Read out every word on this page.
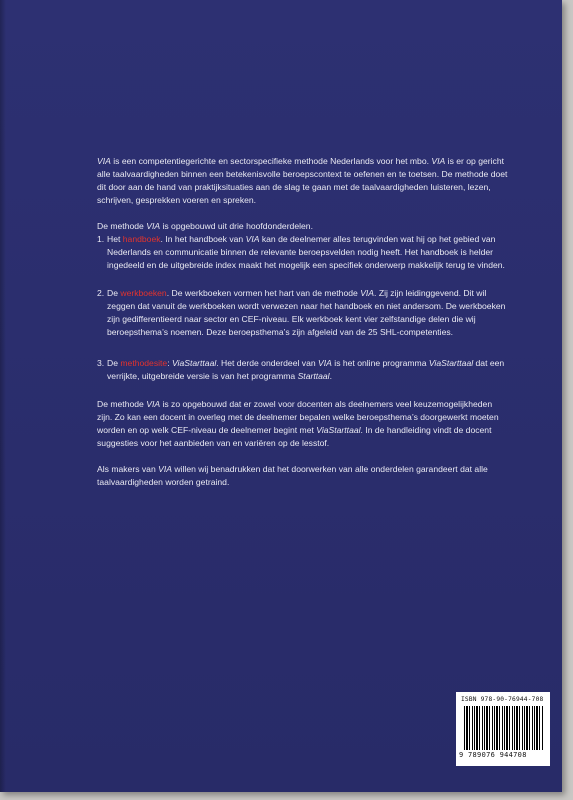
VIA is een competentiegerichte en sectorspecifieke methode Nederlands voor het mbo. VIA is er op gericht alle taalvaardigheden binnen een betekenisvolle beroepscontext te oefenen en te toetsen. De methode doet dit door aan de hand van praktijksituaties aan de slag te gaan met de taalvaardigheden luisteren, lezen, schrijven, gesprekken voeren en spreken.

De methode VIA is opgebouwd uit drie hoofdonderdelen.

1. Het handboek. In het handboek van VIA kan de deelnemer alles terugvinden wat hij op het gebied van Nederlands en communicatie binnen de relevante beroepsvelden nodig heeft. Het handboek is helder ingedeeld en de uitgebreide index maakt het mogelijk een specifiek onderwerp makkelijk terug te vinden.
2. De werkboeken. De werkboeken vormen het hart van de methode VIA. Zij zijn leidinggevend. Dit wil zeggen dat vanuit de werkboeken wordt verwezen naar het handboek en niet andersom. De werkboeken zijn gedifferentieerd naar sector en CEF-niveau. Elk werkboek kent vier zelfstandige delen die wij beroepsthema’s noemen. Deze beroepsthema’s zijn afgeleid van de 25 SHL-competenties.
3. De methodesite: ViaStarttaal. Het derde onderdeel van VIA is het online programma ViaStarttaal dat een verrijkte, uitgebreide versie is van het programma Starttaal.

De methode VIA is zo opgebouwd dat er zowel voor docenten als deelnemers veel keuzemogelijkheden zijn. Zo kan een docent in overleg met de deelnemer bepalen welke beroepsthema’s doorgewerkt moeten worden en op welk CEF-niveau de deelnemer begint met ViaStarttaal. In de handleiding vindt de docent suggesties voor het aanbieden van en variëren op de lesstof.

Als makers van VIA willen wij benadrukken dat het doorwerken van alle onderdelen garandeert dat alle taalvaardigheden worden getraind.

ISBN 978-90-76944-708
9 789076 944708
